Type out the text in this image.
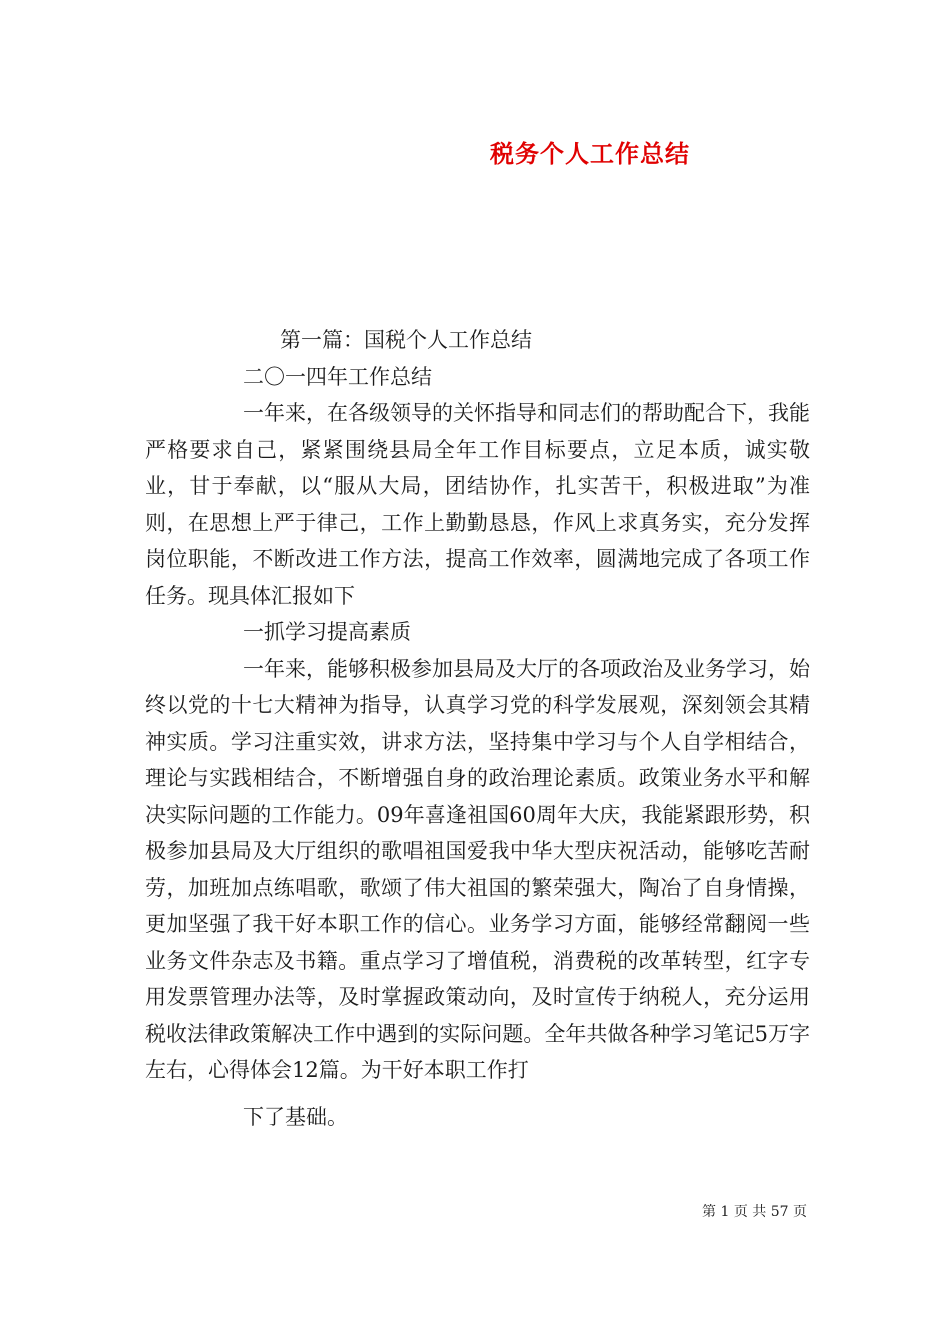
税务个人工作总结

第一篇：国税个人工作总结

二〇一四年工作总结

一年来，在各级领导的关怀指导和同志们的帮助配合下，我能严格要求自己，紧紧围绕县局全年工作目标要点，立足本质，诚实敬业，甘于奉献，以“服从大局，团结协作，扎实苦干，积极进取”为准则，在思想上严于律己，工作上勤勤恳恳，作风上求真务实，充分发挥岗位职能，不断改进工作方法，提高工作效率，圆满地完成了各项工作任务。现具体汇报如下

一抓学习提高素质

一年来，能够积极参加县局及大厅的各项政治及业务学习，始终以党的十七大精神为指导，认真学习党的科学发展观，深刻领会其精神实质。学习注重实效，讲求方法，坚持集中学习与个人自学相结合，理论与实践相结合，不断增强自身的政治理论素质。政策业务水平和解决实际问题的工作能力。09年喜逢祖国60周年大庆，我能紧跟形势，积极参加县局及大厅组织的歌唱祖国爱我中华大型庆祝活动，能够吃苦耐劳，加班加点练唱歌，歌颂了伟大祖国的繁荣强大，陶冶了自身情操，更加坚强了我干好本职工作的信心。业务学习方面，能够经常翻阅一些业务文件杂志及书籍。重点学习了增值税，消费税的改革转型，红字专用发票管理办法等，及时掌握政策动向，及时宣传于纳税人，充分运用税收法律政策解决工作中遇到的实际问题。全年共做各种学习笔记5万字左右，心得体会12篇。为干好本职工作打

下了基础。

第 1 页 共 57 页
